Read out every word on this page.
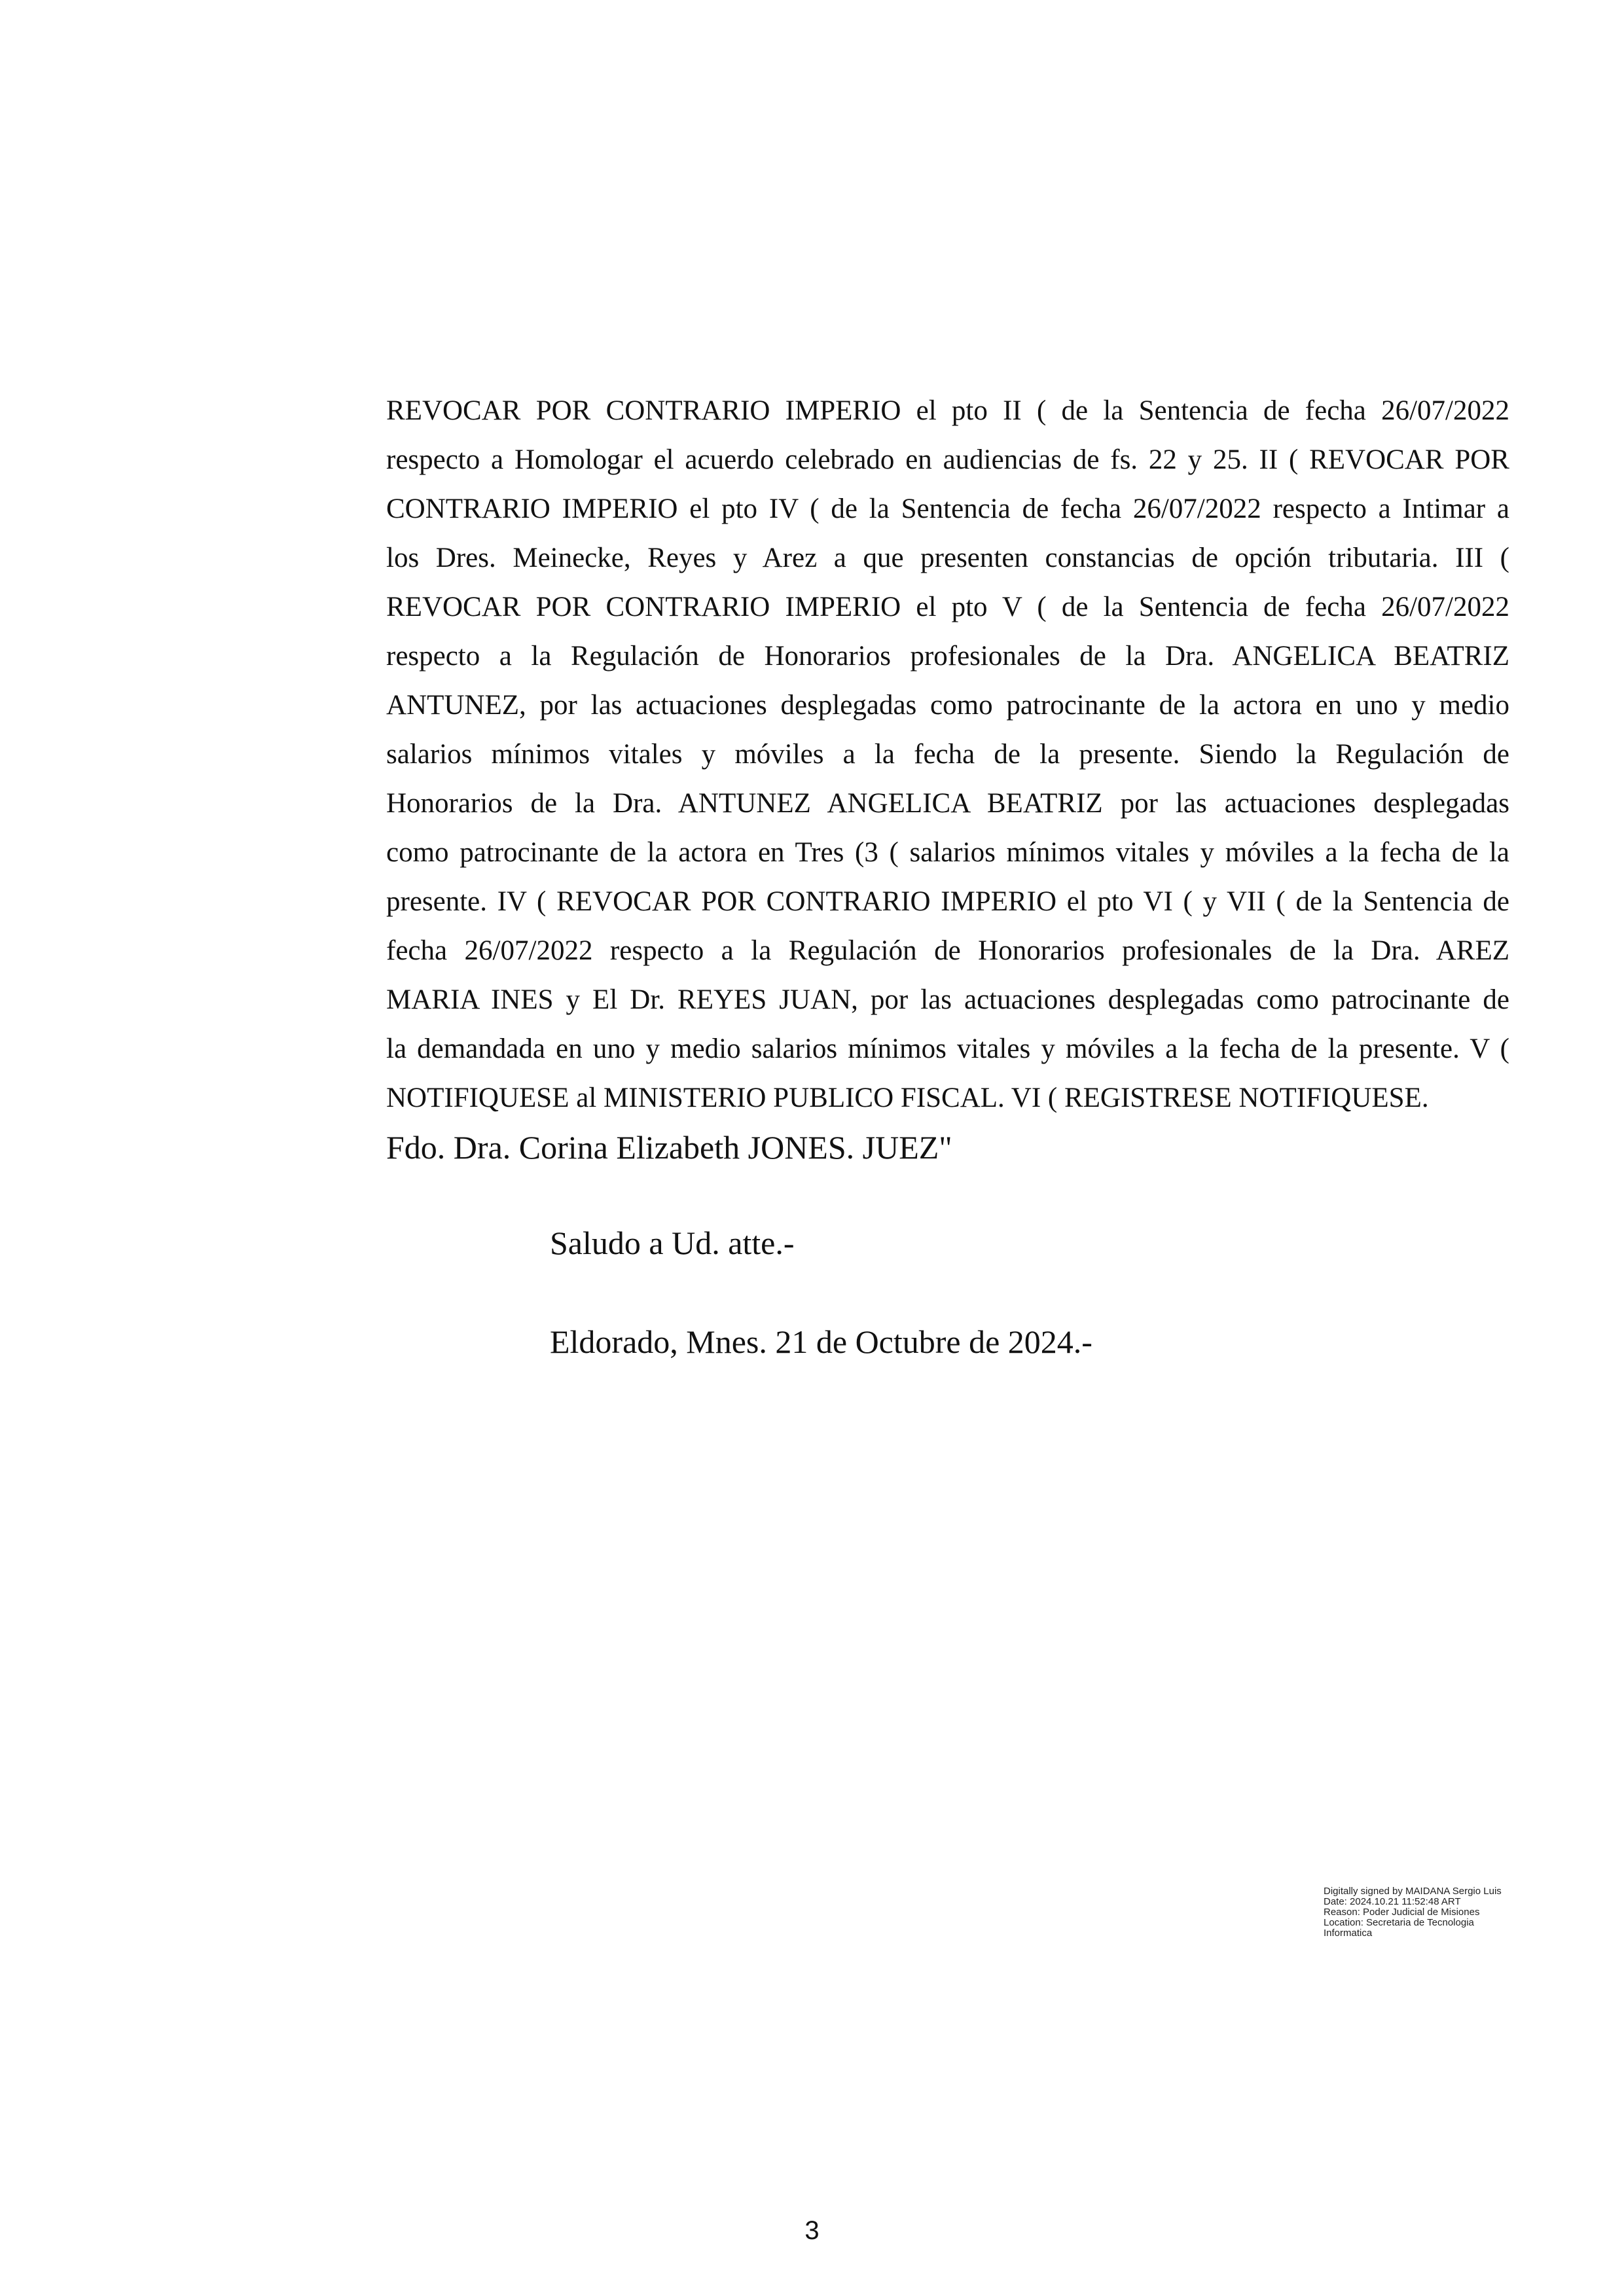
REVOCAR POR CONTRARIO IMPERIO el pto II ( de la Sentencia de fecha 26/07/2022
respecto a Homologar el acuerdo celebrado en audiencias de fs. 22 y 25. II ( REVOCAR POR
CONTRARIO IMPERIO el pto IV ( de la Sentencia de fecha 26/07/2022 respecto a Intimar a
los Dres. Meinecke, Reyes y Arez a que presenten constancias de opción tributaria. III (
REVOCAR POR CONTRARIO IMPERIO el pto V ( de la Sentencia de fecha 26/07/2022
respecto a la Regulación de Honorarios profesionales de la Dra. ANGELICA BEATRIZ
ANTUNEZ, por las actuaciones desplegadas como patrocinante de la actora en uno y medio
salarios mínimos vitales y móviles a la fecha de la presente. Siendo la Regulación de
Honorarios de la Dra. ANTUNEZ ANGELICA BEATRIZ por las actuaciones desplegadas
como patrocinante de la actora en Tres (3 ( salarios mínimos vitales y móviles a la fecha de la
presente. IV ( REVOCAR POR CONTRARIO IMPERIO el pto VI ( y VII ( de la Sentencia de
fecha 26/07/2022 respecto a la Regulación de Honorarios profesionales de la Dra. AREZ
MARIA INES y El Dr. REYES JUAN, por las actuaciones desplegadas como patrocinante de
la demandada en uno y medio salarios mínimos vitales y móviles a la fecha de la presente. V (
NOTIFIQUESE al MINISTERIO PUBLICO FISCAL. VI ( REGISTRESE NOTIFIQUESE.
Fdo. Dra. Corina Elizabeth JONES. JUEZ"
Saludo a Ud. atte.-
Eldorado, Mnes. 21 de Octubre de 2024.-
Digitally signed by MAIDANA Sergio Luis
Date: 2024.10.21 11:52:48 ART
Reason: Poder Judicial de Misiones
Location: Secretaria de Tecnologia
Informatica
3
